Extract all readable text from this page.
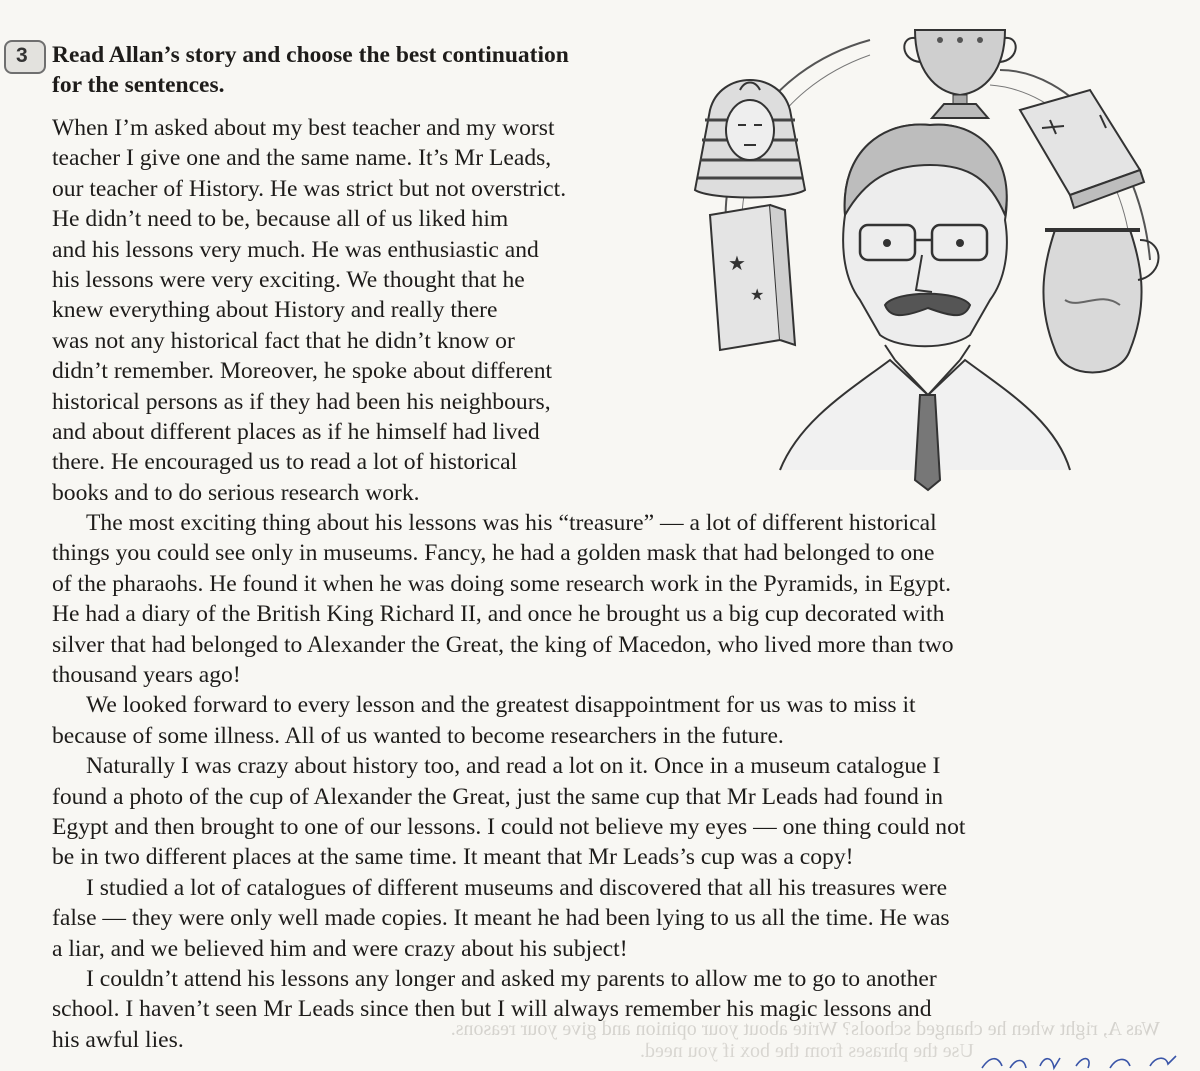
Was A, right when he changed schools? Write about your opinion and give your reasons.
Use the phrases from the box if you need.
3 Read Allan’s story and choose the best continuation
for the sentences.
★
★
When I’m asked about my best teacher and my worst
teacher I give one and the same name. It’s Mr Leads,
our teacher of History. He was strict but not overstrict.
He didn’t need to be, because all of us liked him
and his lessons very much. He was enthusiastic and
his lessons were very exciting. We thought that he
knew everything about History and really there
was not any historical fact that he didn’t know or
didn’t remember. Moreover, he spoke about different
historical persons as if they had been his neighbours,
and about different places as if he himself had lived
there. He encouraged us to read a lot of historical
books and to do serious research work.
The most exciting thing about his lessons was his “treasure” — a lot of different historical
things you could see only in museums. Fancy, he had a golden mask that had belonged to one
of the pharaohs. He found it when he was doing some research work in the Pyramids, in Egypt.
He had a diary of the British King Richard II, and once he brought us a big cup decorated with
silver that had belonged to Alexander the Great, the king of Macedon, who lived more than two
thousand years ago!
We looked forward to every lesson and the greatest disappointment for us was to miss it
because of some illness. All of us wanted to become researchers in the future.
Naturally I was crazy about history too, and read a lot on it. Once in a museum catalogue I
found a photo of the cup of Alexander the Great, just the same cup that Mr Leads had found in
Egypt and then brought to one of our lessons. I could not believe my eyes — one thing could not
be in two different places at the same time. It meant that Mr Leads’s cup was a copy!
I studied a lot of catalogues of different museums and discovered that all his treasures were
false — they were only well made copies. It meant he had been lying to us all the time. He was
a liar, and we believed him and were crazy about his subject!
I couldn’t attend his lessons any longer and asked my parents to allow me to go to another
school. I haven’t seen Mr Leads since then but I will always remember his magic lessons and
his awful lies.
